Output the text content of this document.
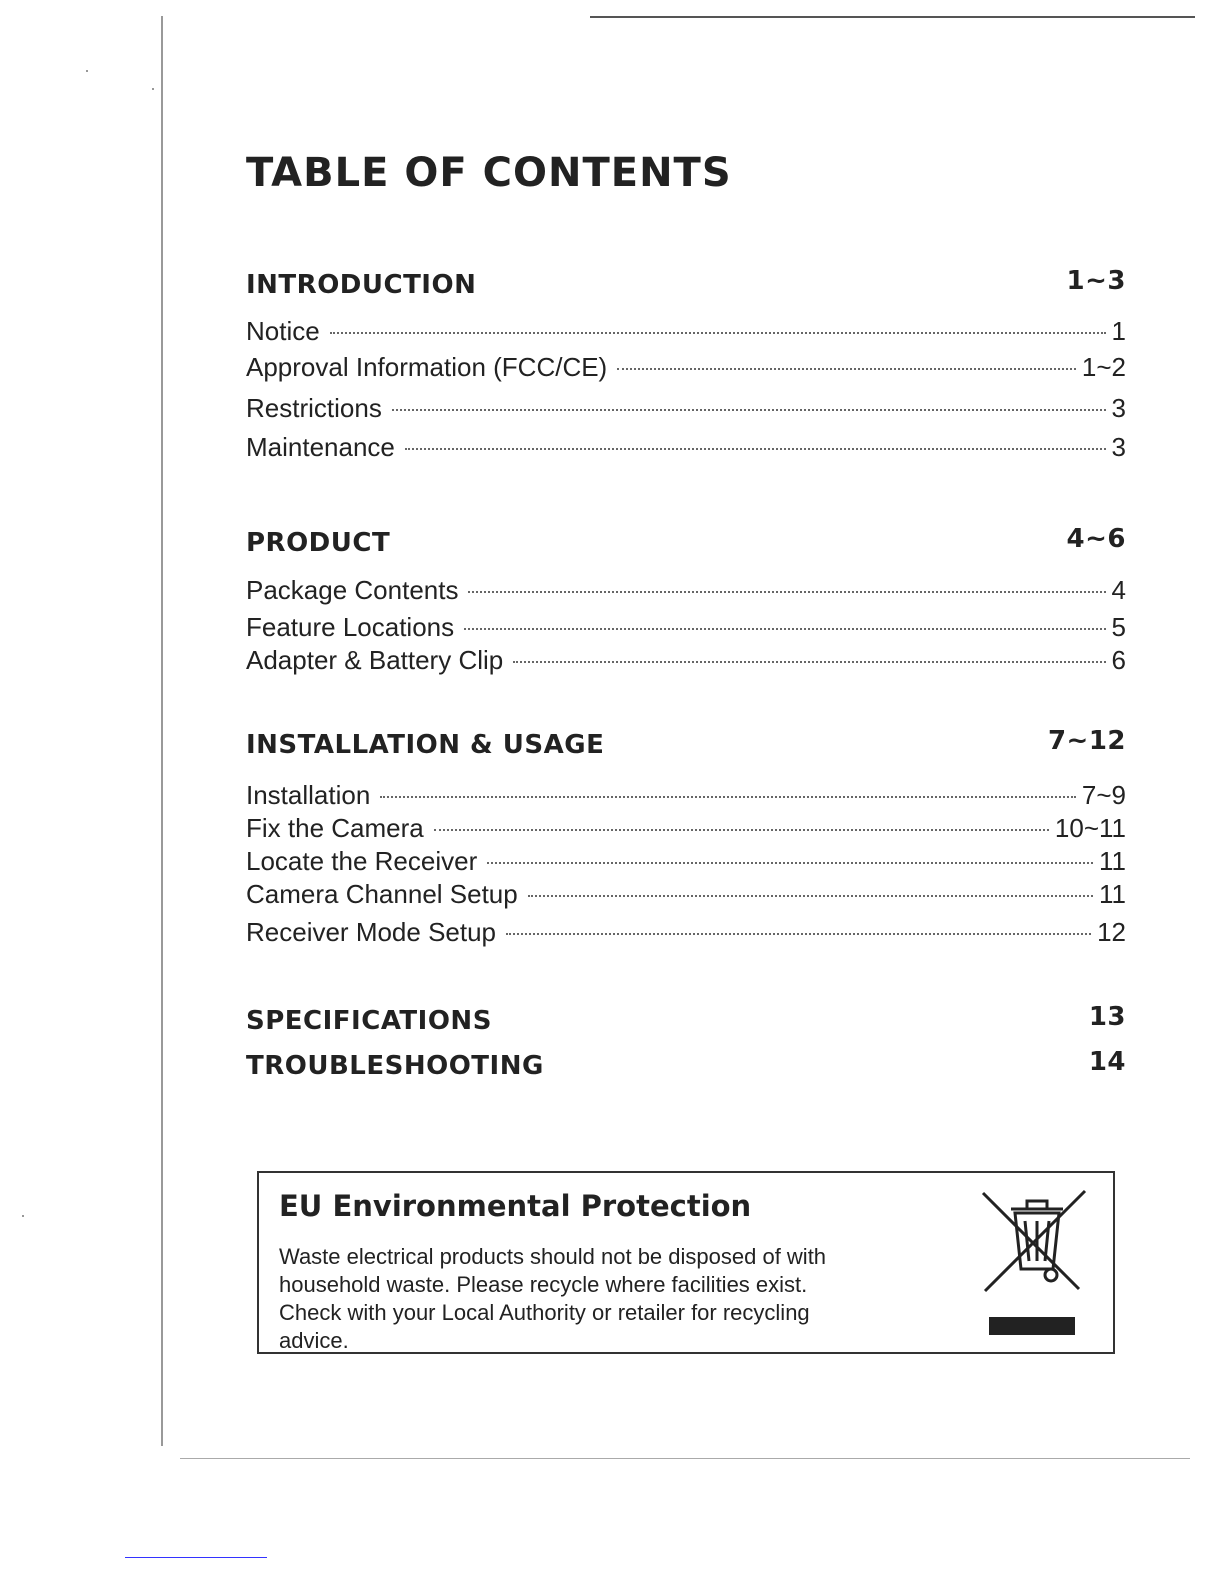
TABLE OF CONTENTS
INTRODUCTION	1~3
Notice	1
Approval Information (FCC/CE)	1~2
Restrictions	3
Maintenance	3
PRODUCT	4~6
Package Contents	4
Feature Locations	5
Adapter & Battery Clip	6
INSTALLATION & USAGE	7~12
Installation	7~9
Fix the Camera	10~11
Locate the Receiver	11
Camera Channel Setup	11
Receiver Mode Setup	12
SPECIFICATIONS	13
TROUBLESHOOTING	14
EU Environmental Protection
Waste electrical products should not be disposed of with
household waste. Please recycle where facilities exist.
Check with your Local Authority or retailer for recycling
advice.
